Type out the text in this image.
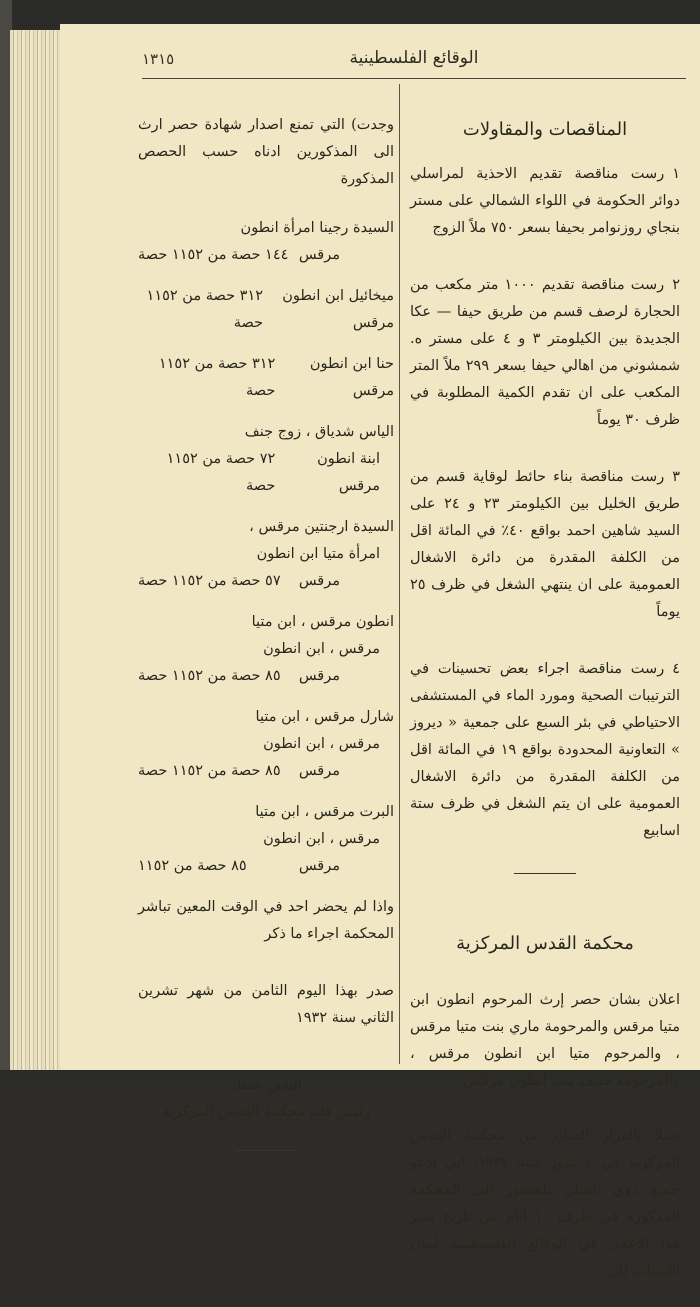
١٣١٥	الوقائع الفلسطينية
المناقصات والمقاولات

١رست مناقصة تقديم الاحذية لمراسلي دوائر الحكومة في اللواء الشمالي على مستر بنجاي روزنوامر بحيفا بسعر ٧٥٠ ملاً الزوج

٢رست مناقصة تقديم ١٠٠٠ متر مكعب من الحجارة لرصف قسم من طريق حيفا — عكا الجديدة بين الكيلومتر ٣ و ٤ على مستر ه. شمشوني من اهالي حيفا بسعر ٢٩٩ ملاً المتر المكعب على ان تقدم الكمية المطلوبة في ظرف ٣٠ يوماً

٣رست مناقصة بناء حائط لوقاية قسم من طريق الخليل بين الكيلومتر ٢٣ و ٢٤ على السيد شاهين احمد بواقع ٤٠٪ في المائة اقل من الكلفة المقدرة من دائرة الاشغال العمومية على ان ينتهي الشغل في ظرف ٢٥ يوماً

٤رست مناقصة اجراء بعض تحسينات في الترتيبات الصحية ومورد الماء في المستشفى الاحتياطي في بئر السبع على جمعية « ديروز » التعاونية المحدودة بواقع ١٩ في المائة اقل من الكلفة المقدرة من دائرة الاشغال العمومية على ان يتم الشغل في ظرف ستة اسابيع

محكمة القدس المركزية

اعلان بشان حصر إرث المرحوم انطون ابن متيا مرقس والمرحومة ماري بنت متيا مرقس ، والمرحوم متيا ابن انطون مرقس ، والمرحومة جنيف بنت انطون مرقس

عملاً بالقرار الصادر من محكمة القدس المركزية في ٤ تموز سنة ١٩٣٢، اني ادعو جميع ذوي الشان للحضور الى المحكمة المذكورة في ظرف ١٠ ايام من تاريخ نشر هذا الاعلان في الوقائع الفلسطينية لبيان الاسباب (ان

وجدت) التي تمنع اصدار شهادة حصر ارث الى المذكورين ادناه حسب الحصص المذكورة

السيدة رجينا امرأة انطون
مرقس
١٤٤ حصة من ١١٥٢ حصة
ميخائيل ابن انطون مرقس
٣١٢ حصة من ١١٥٢ حصة
حنا ابن انطون مرقس
٣١٢ حصة من ١١٥٢ حصة
الياس شدياق ، زوج جنف
ابنة انطون مرقس
٧٢ حصة من ١١٥٢ حصة
السيدة ارجنتين مرقس ،
امرأة متيا ابن انطون
مرقس
٥٧ حصة من ١١٥٢ حصة
انطون مرقس ، ابن متيا
مرقس ، ابن انطون
مرقس
٨٥ حصة من ١١٥٢ حصة
شارل مرقس ، ابن متيا
مرقس ، ابن انطون
مرقس
٨٥ حصة من ١١٥٢ حصة
البرت مرقس ، ابن متيا
مرقس ، ابن انطون
مرقس
٨٥ حصة من ١١٥٢

واذا لم يحضر احد في الوقت المعين تباشر المحكمة اجراء ما ذكر

صدر بهذا اليوم الثامن من شهر تشرين الثاني سنة ١٩٣٢

الياس خطار
رئيس قلم محكمة القدس المركزية
